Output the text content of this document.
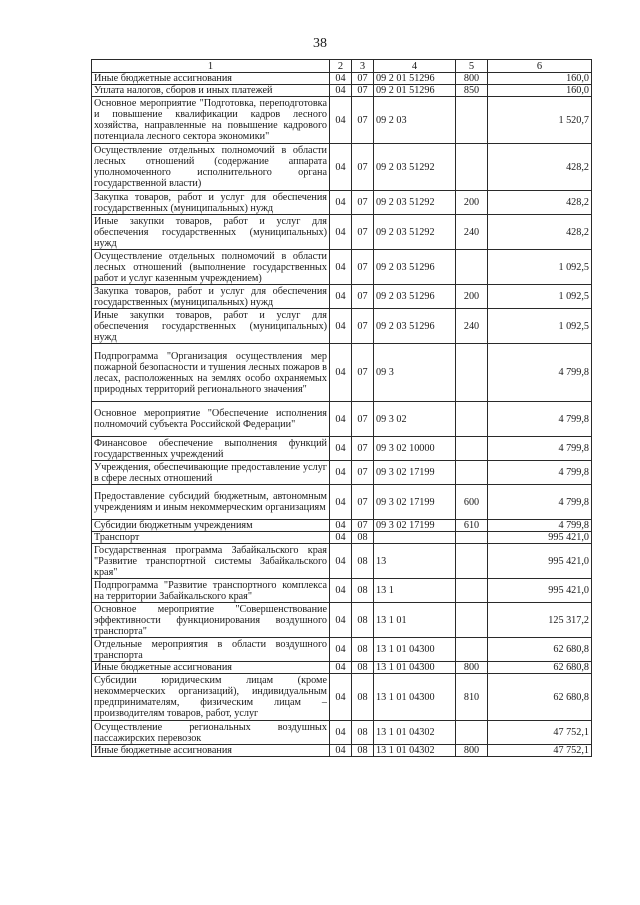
38
1	2	3	4	5	6
Иные бюджетные ассигнования	04	07	09 2 01 51296	800	160,0
Уплата налогов, сборов и иных платежей	04	07	09 2 01 51296	850	160,0
Основное мероприятие "Подготовка, переподготовка и повышение квалификации кадров лесного хозяйства, направленные на повышение кадрового потенциала лесного сектора экономики"	04	07	09 2 03		1 520,7
Осуществление отдельных полномочий в области лесных отношений (содержание аппарата уполномоченного исполнительного органа государственной власти)	04	07	09 2 03 51292		428,2
Закупка товаров, работ и услуг для обеспечения государственных (муниципальных) нужд	04	07	09 2 03 51292	200	428,2
Иные закупки товаров, работ и услуг для обеспечения государственных (муниципальных) нужд	04	07	09 2 03 51292	240	428,2
Осуществление отдельных полномочий в области лесных отношений (выполнение государственных работ и услуг казенным учреждением)	04	07	09 2 03 51296		1 092,5
Закупка товаров, работ и услуг для обеспечения государственных (муниципальных) нужд	04	07	09 2 03 51296	200	1 092,5
Иные закупки товаров, работ и услуг для обеспечения государственных (муниципальных) нужд	04	07	09 2 03 51296	240	1 092,5
Подпрограмма "Организация осуществления мер пожарной безопасности и тушения лесных пожаров в лесах, расположенных на землях особо охраняемых природных территорий регионального значения"	04	07	09 3		4 799,8
Основное мероприятие "Обеспечение исполнения полномочий субъекта Российской Федерации"	04	07	09 3 02		4 799,8
Финансовое обеспечение выполнения функций государственных учреждений	04	07	09 3 02 10000		4 799,8
Учреждения, обеспечивающие предоставление услуг в сфере лесных отношений	04	07	09 3 02 17199		4 799,8
Предоставление субсидий бюджетным, автономным учреждениям и иным некоммерческим организациям	04	07	09 3 02 17199	600	4 799,8
Субсидии бюджетным учреждениям	04	07	09 3 02 17199	610	4 799,8
Транспорт	04	08			995 421,0
Государственная программа Забайкальского края "Развитие транспортной системы Забайкальского края"	04	08	13		995 421,0
Подпрограмма "Развитие транспортного комплекса на территории Забайкальского края"	04	08	13 1		995 421,0
Основное мероприятие "Совершенствование эффективности функционирования воздушного транспорта"	04	08	13 1 01		125 317,2
Отдельные мероприятия в области воздушного транспорта	04	08	13 1 01 04300		62 680,8
Иные бюджетные ассигнования	04	08	13 1 01 04300	800	62 680,8
Субсидии юридическим лицам (кроме некоммерческих организаций), индивидуальным предпринимателям, физическим лицам – производителям товаров, работ, услуг	04	08	13 1 01 04300	810	62 680,8
Осуществление региональных воздушных пассажирских перевозок	04	08	13 1 01 04302		47 752,1
Иные бюджетные ассигнования	04	08	13 1 01 04302	800	47 752,1
